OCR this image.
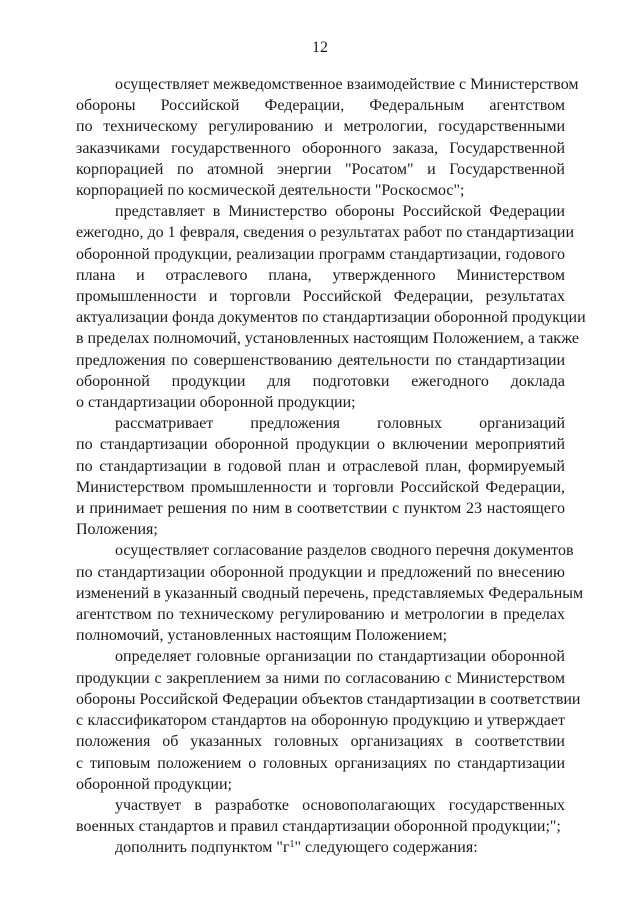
12

осуществляет межведомственное взаимодействие с Министерством
обороны Российской Федерации, Федеральным агентством
по техническому регулированию и метрологии, государственными
заказчиками государственного оборонного заказа, Государственной
корпорацией по атомной энергии "Росатом" и Государственной
корпорацией по космической деятельности "Роскосмос";

представляет в Министерство обороны Российской Федерации
ежегодно, до 1 февраля, сведения о результатах работ по стандартизации
оборонной продукции, реализации программ стандартизации, годового
плана и отраслевого плана, утвержденного Министерством
промышленности и торговли Российской Федерации, результатах
актуализации фонда документов по стандартизации оборонной продукции
в пределах полномочий, установленных настоящим Положением, а также
предложения по совершенствованию деятельности по стандартизации
оборонной продукции для подготовки ежегодного доклада
о стандартизации оборонной продукции;

рассматривает предложения головных организаций
по стандартизации оборонной продукции о включении мероприятий
по стандартизации в годовой план и отраслевой план, формируемый
Министерством промышленности и торговли Российской Федерации,
и принимает решения по ним в соответствии с пунктом 23 настоящего
Положения;

осуществляет согласование разделов сводного перечня документов
по стандартизации оборонной продукции и предложений по внесению
изменений в указанный сводный перечень, представляемых Федеральным
агентством по техническому регулированию и метрологии в пределах
полномочий, установленных настоящим Положением;

определяет головные организации по стандартизации оборонной
продукции с закреплением за ними по согласованию с Министерством
обороны Российской Федерации объектов стандартизации в соответствии
с классификатором стандартов на оборонную продукцию и утверждает
положения об указанных головных организациях в соответствии
с типовым положением о головных организациях по стандартизации
оборонной продукции;

участвует в разработке основополагающих государственных
военных стандартов и правил стандартизации оборонной продукции;";

дополнить подпунктом "$г^1$" следующего содержания:
